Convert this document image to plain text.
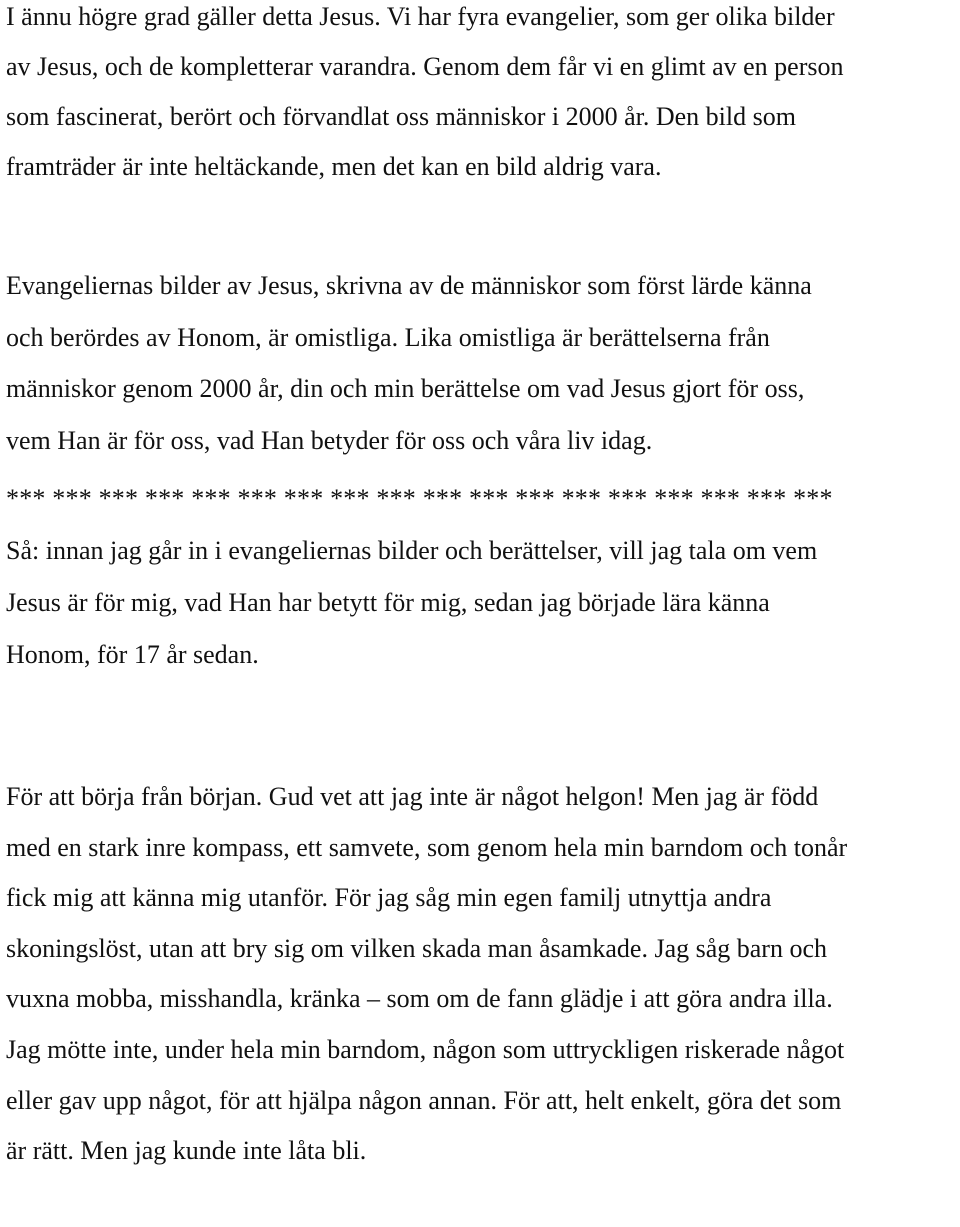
I ännu högre grad gäller detta Jesus. Vi har fyra evangelier, som ger olika bilder
av Jesus, och de kompletterar varandra. Genom dem får vi en glimt av en person
som fascinerat, berört och förvandlat oss människor i 2000 år. Den bild som
framträder är inte heltäckande, men det kan en bild aldrig vara.

Evangeliernas bilder av Jesus, skrivna av de människor som först lärde känna
och berördes av Honom, är omistliga. Lika omistliga är berättelserna från
människor genom 2000 år, din och min berättelse om vad Jesus gjort för oss,
vem Han är för oss, vad Han betyder för oss och våra liv idag.

*** *** *** *** *** *** *** *** *** *** *** *** *** *** *** *** *** ***

Så: innan jag går in i evangeliernas bilder och berättelser, vill jag tala om vem
Jesus är för mig, vad Han har betytt för mig, sedan jag började lära känna
Honom, för 17 år sedan.

För att börja från början. Gud vet att jag inte är något helgon! Men jag är född
med en stark inre kompass, ett samvete, som genom hela min barndom och tonår
fick mig att känna mig utanför. För jag såg min egen familj utnyttja andra
skoningslöst, utan att bry sig om vilken skada man åsamkade. Jag såg barn och
vuxna mobba, misshandla, kränka – som om de fann glädje i att göra andra illa.
Jag mötte inte, under hela min barndom, någon som uttryckligen riskerade något
eller gav upp något, för att hjälpa någon annan. För att, helt enkelt, göra det som
är rätt. Men jag kunde inte låta bli.
